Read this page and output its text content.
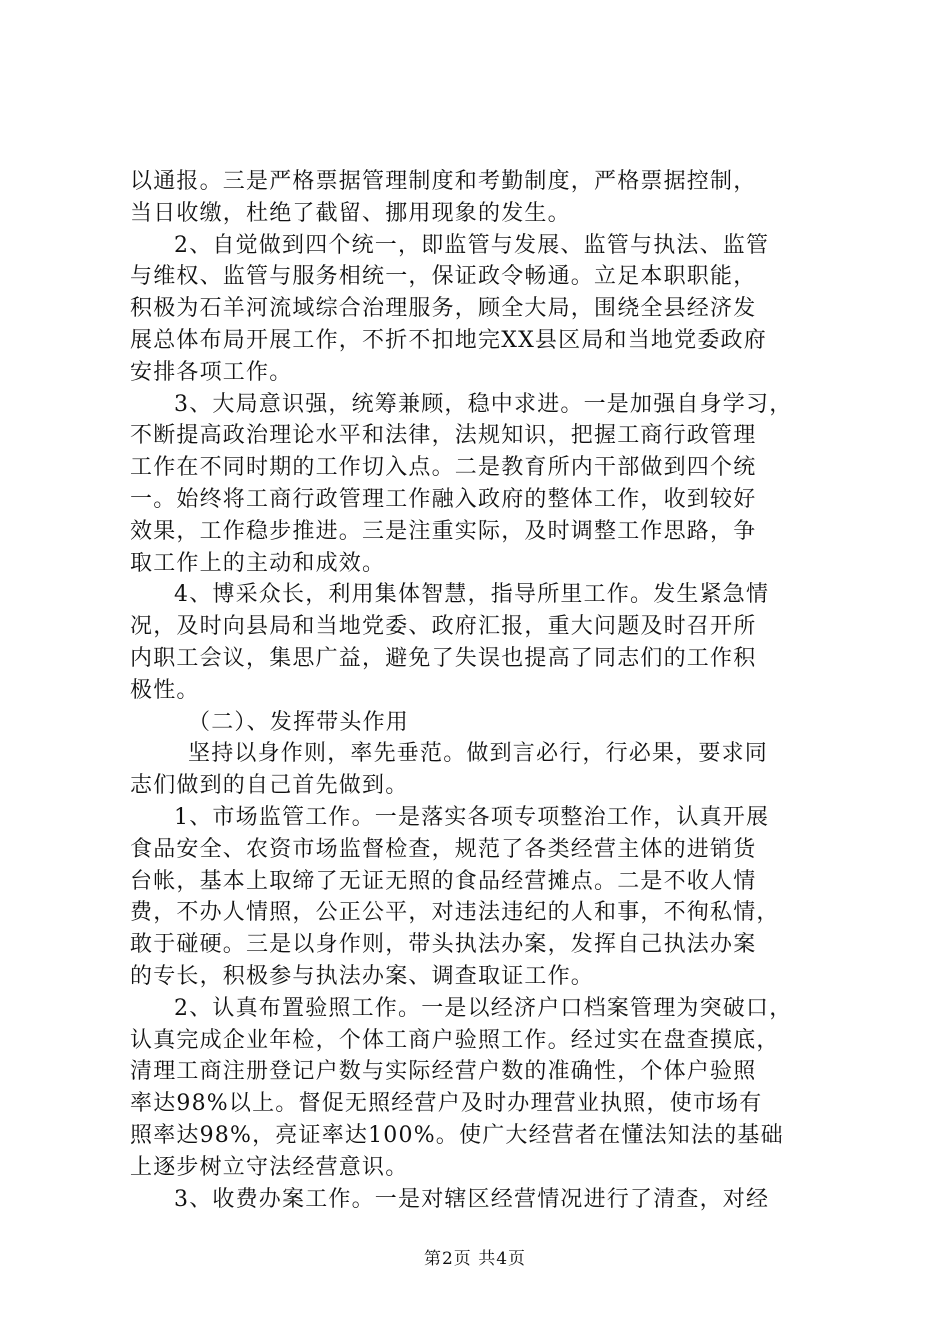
以通报。三是严格票据管理制度和考勤制度，严格票据控制，
当日收缴，杜绝了截留、挪用现象的发生。
2、自觉做到四个统一，即监管与发展、监管与执法、监管
与维权、监管与服务相统一，保证政令畅通。立足本职职能，
积极为石羊河流域综合治理服务，顾全大局，围绕全县经济发
展总体布局开展工作，不折不扣地完XX县区局和当地党委政府
安排各项工作。
3、大局意识强，统筹兼顾，稳中求进。一是加强自身学习，
不断提高政治理论水平和法律，法规知识，把握工商行政管理
工作在不同时期的工作切入点。二是教育所内干部做到四个统
一。始终将工商行政管理工作融入政府的整体工作，收到较好
效果，工作稳步推进。三是注重实际，及时调整工作思路，争
取工作上的主动和成效。
4、博采众长，利用集体智慧，指导所里工作。发生紧急情
况，及时向县局和当地党委、政府汇报，重大问题及时召开所
内职工会议，集思广益，避免了失误也提高了同志们的工作积
极性。
（二）、发挥带头作用
坚持以身作则，率先垂范。做到言必行，行必果，要求同
志们做到的自己首先做到。
1、市场监管工作。一是落实各项专项整治工作，认真开展
食品安全、农资市场监督检查，规范了各类经营主体的进销货
台帐，基本上取缔了无证无照的食品经营摊点。二是不收人情
费，不办人情照，公正公平，对违法违纪的人和事，不徇私情，
敢于碰硬。三是以身作则，带头执法办案，发挥自己执法办案
的专长，积极参与执法办案、调查取证工作。
2、认真布置验照工作。一是以经济户口档案管理为突破口，
认真完成企业年检，个体工商户验照工作。经过实在盘查摸底，
清理工商注册登记户数与实际经营户数的准确性，个体户验照
率达98%以上。督促无照经营户及时办理营业执照，使市场有
照率达98%，亮证率达100%。使广大经营者在懂法知法的基础
上逐步树立守法经营意识。
3、收费办案工作。一是对辖区经营情况进行了清查，对经
第2页 共4页
